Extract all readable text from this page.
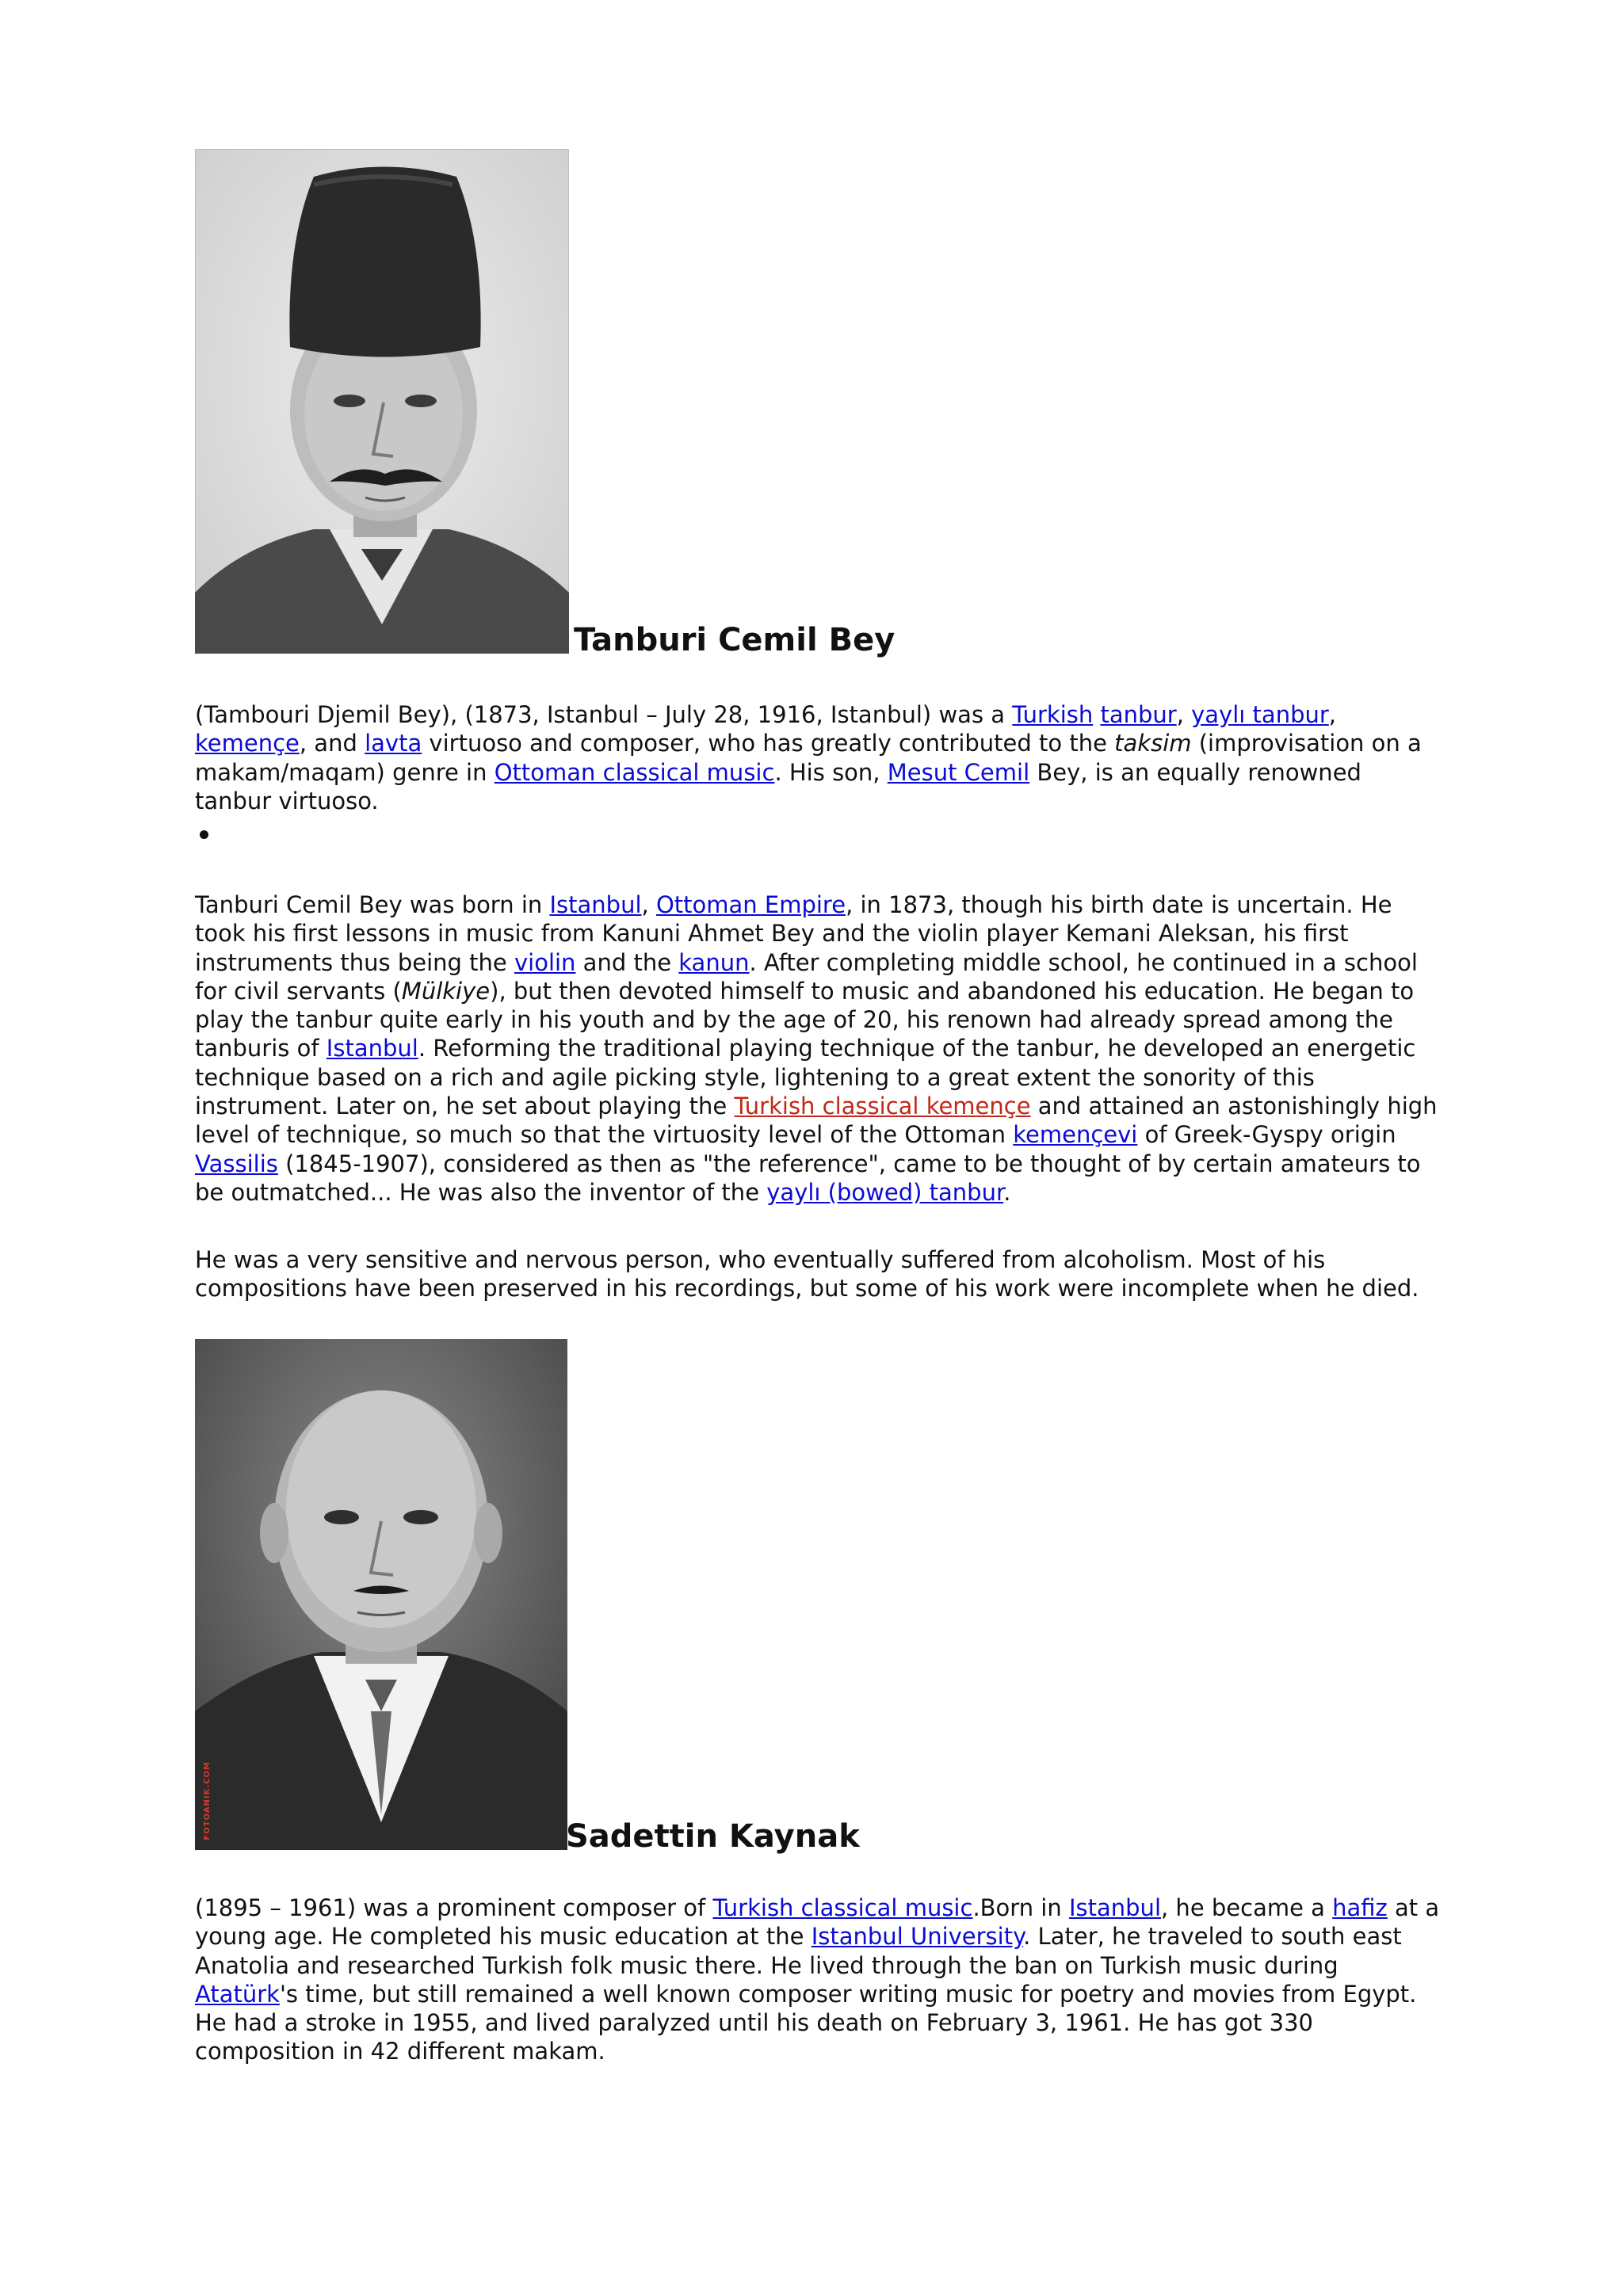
Tanburi Cemil Bey

(Tambouri Djemil Bey), (1873, Istanbul – July 28, 1916, Istanbul) was a Turkish tanbur, yaylı tanbur, kemençe, and lavta virtuoso and composer, who has greatly contributed to the taksim (improvisation on a makam/maqam) genre in Ottoman classical music. His son, Mesut Cemil Bey, is an equally renowned tanbur virtuoso.

Tanburi Cemil Bey was born in Istanbul, Ottoman Empire, in 1873, though his birth date is uncertain. He took his first lessons in music from Kanuni Ahmet Bey and the violin player Kemani Aleksan, his first instruments thus being the violin and the kanun. After completing middle school, he continued in a school for civil servants (Mülkiye), but then devoted himself to music and abandoned his education. He began to play the tanbur quite early in his youth and by the age of 20, his renown had already spread among the tanburis of Istanbul. Reforming the traditional playing technique of the tanbur, he developed an energetic technique based on a rich and agile picking style, lightening to a great extent the sonority of this instrument. Later on, he set about playing the Turkish classical kemençe and attained an astonishingly high level of technique, so much so that the virtuosity level of the Ottoman kemençevi of Greek-Gyspy origin Vassilis (1845-1907), considered as then as "the reference", came to be thought of by certain amateurs to be outmatched... He was also the inventor of the yaylı (bowed) tanbur.

He was a very sensitive and nervous person, who eventually suffered from alcoholism. Most of his compositions have been preserved in his recordings, but some of his work were incomplete when he died.

FOTOANIK.COM	Sadettin Kaynak

(1895 – 1961) was a prominent composer of Turkish classical music.Born in Istanbul, he became a hafiz at a young age. He completed his music education at the Istanbul University. Later, he traveled to south east Anatolia and researched Turkish folk music there. He lived through the ban on Turkish music during Atatürk's time, but still remained a well known composer writing music for poetry and movies from Egypt. He had a stroke in 1955, and lived paralyzed until his death on February 3, 1961. He has got 330 composition in 42 different makam.
